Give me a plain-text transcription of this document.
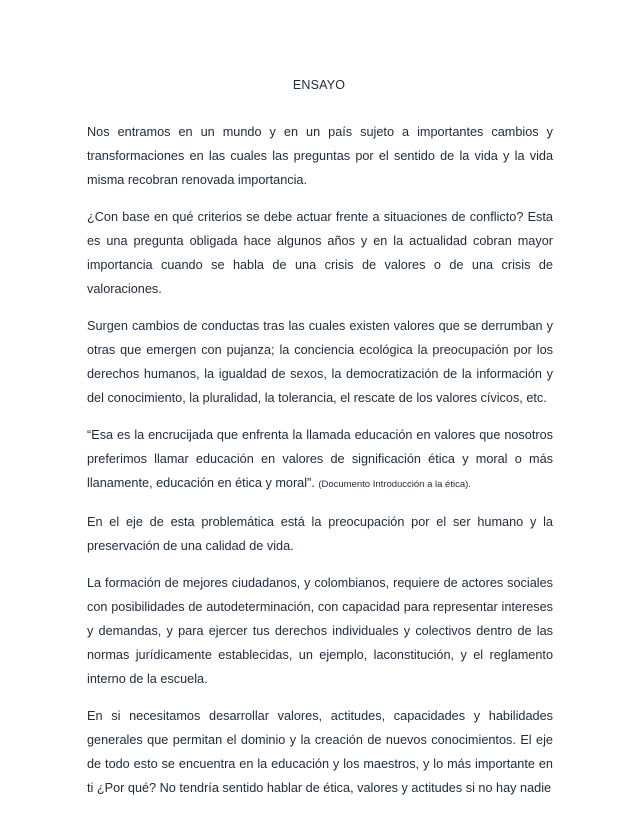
ENSAYO

Nos entramos en un mundo y en un país sujeto a importantes cambios y transformaciones en las cuales las preguntas por el sentido de la vida y la vida misma recobran renovada importancia.

¿Con base en qué criterios se debe actuar frente a situaciones de conflicto? Esta es una pregunta obligada hace algunos años y en la actualidad cobran mayor importancia cuando se habla de una crisis de valores o de una crisis de valoraciones.

Surgen cambios de conductas tras las cuales existen valores que se derrumban y otras que emergen con pujanza; la conciencia ecológica la preocupación por los derechos humanos, la igualdad de sexos, la democratización de la información y del conocimiento, la pluralidad, la tolerancia, el rescate de los valores cívicos, etc.

“Esa es la encrucijada que enfrenta la llamada educación en valores que nosotros preferimos llamar educación en valores de significación ética y moral o más llanamente, educación en ética y moral”. (Documento Introducción a la ética).

En el eje de esta problemática está la preocupación por el ser humano y la preservación de una calidad de vida.

La formación de mejores ciudadanos, y colombianos, requiere de actores sociales con posibilidades de autodeterminación, con capacidad para representar intereses y demandas, y para ejercer tus derechos individuales y colectivos dentro de las normas jurídicamente establecidas, un ejemplo, laconstitución, y el reglamento interno de la escuela.

En si necesitamos desarrollar valores, actitudes, capacidades y habilidades generales que permitan el dominio y la creación de nuevos conocimientos. El eje de todo esto se encuentra en la educación y los maestros, y lo más importante en ti ¿Por qué? No tendría sentido hablar de ética, valores y actitudes si no hay nadie
